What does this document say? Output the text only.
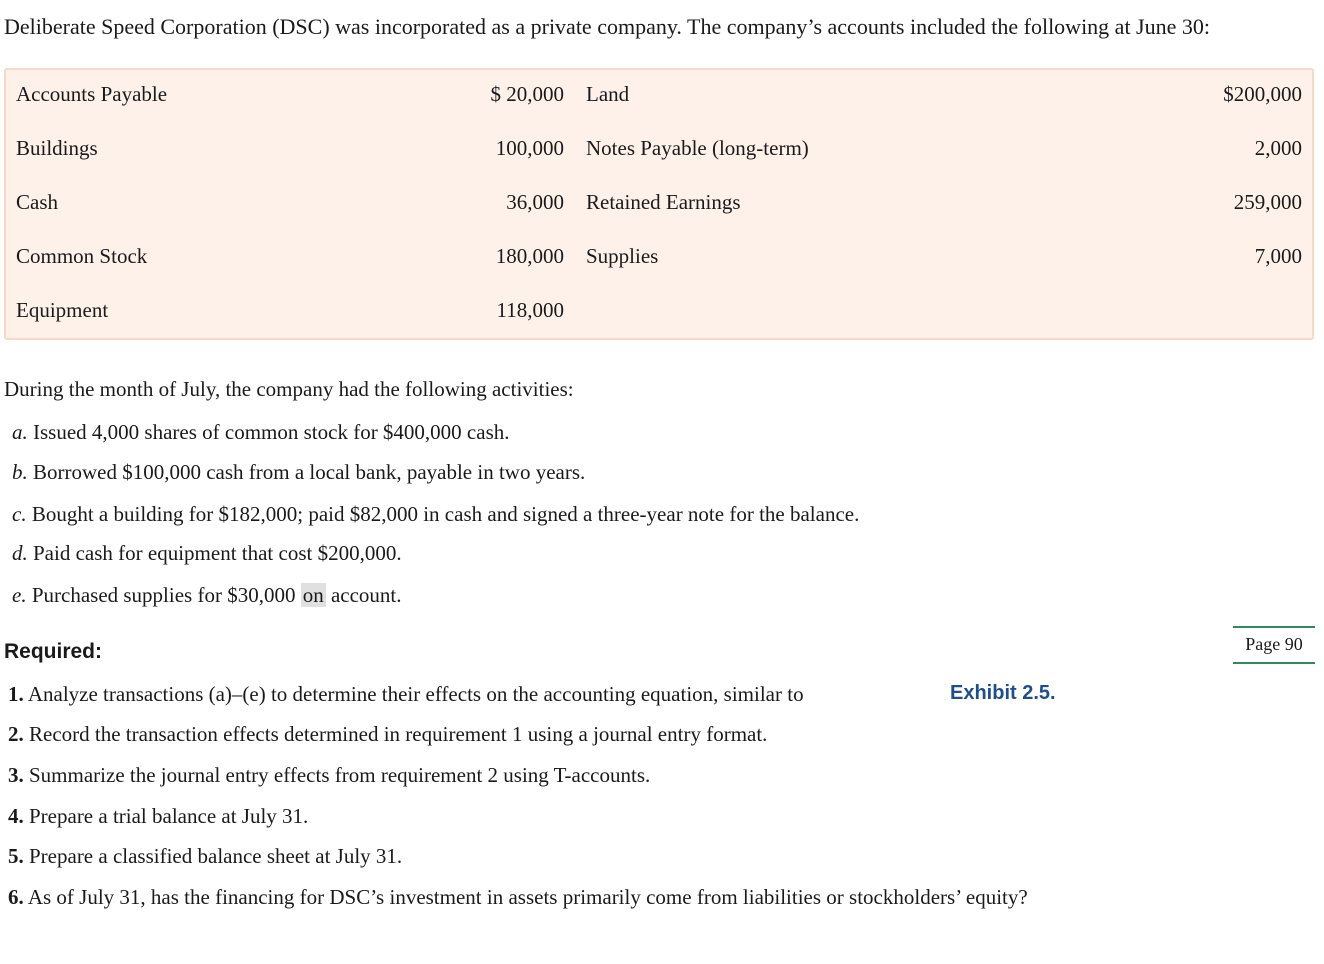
Deliberate Speed Corporation (DSC) was incorporated as a private company. The company’s accounts included the following at June 30:
Accounts Payable	$ 20,000 Land	$200,000
Buildings	100,000 Notes Payable (long-term)	2,000
Cash	36,000 Retained Earnings	259,000
Common Stock	180,000 Supplies	7,000
Equipment	118,000
During the month of July, the company had the following activities:
a. Issued 4,000 shares of common stock for $400,000 cash.
b. Borrowed $100,000 cash from a local bank, payable in two years.
c. Bought a building for $182,000; paid $82,000 in cash and signed a three-year note for the balance.
d. Paid cash for equipment that cost $200,000.
e. Purchased supplies for $30,000 on account.
Required:	Page 90
1. Analyze transactions (a)–(e) to determine their effects on the accounting equation, similar to	Exhibit 2.5.
2. Record the transaction effects determined in requirement 1 using a journal entry format.
3. Summarize the journal entry effects from requirement 2 using T-accounts.
4. Prepare a trial balance at July 31.
5. Prepare a classified balance sheet at July 31.
6. As of July 31, has the financing for DSC’s investment in assets primarily come from liabilities or stockholders’ equity?
